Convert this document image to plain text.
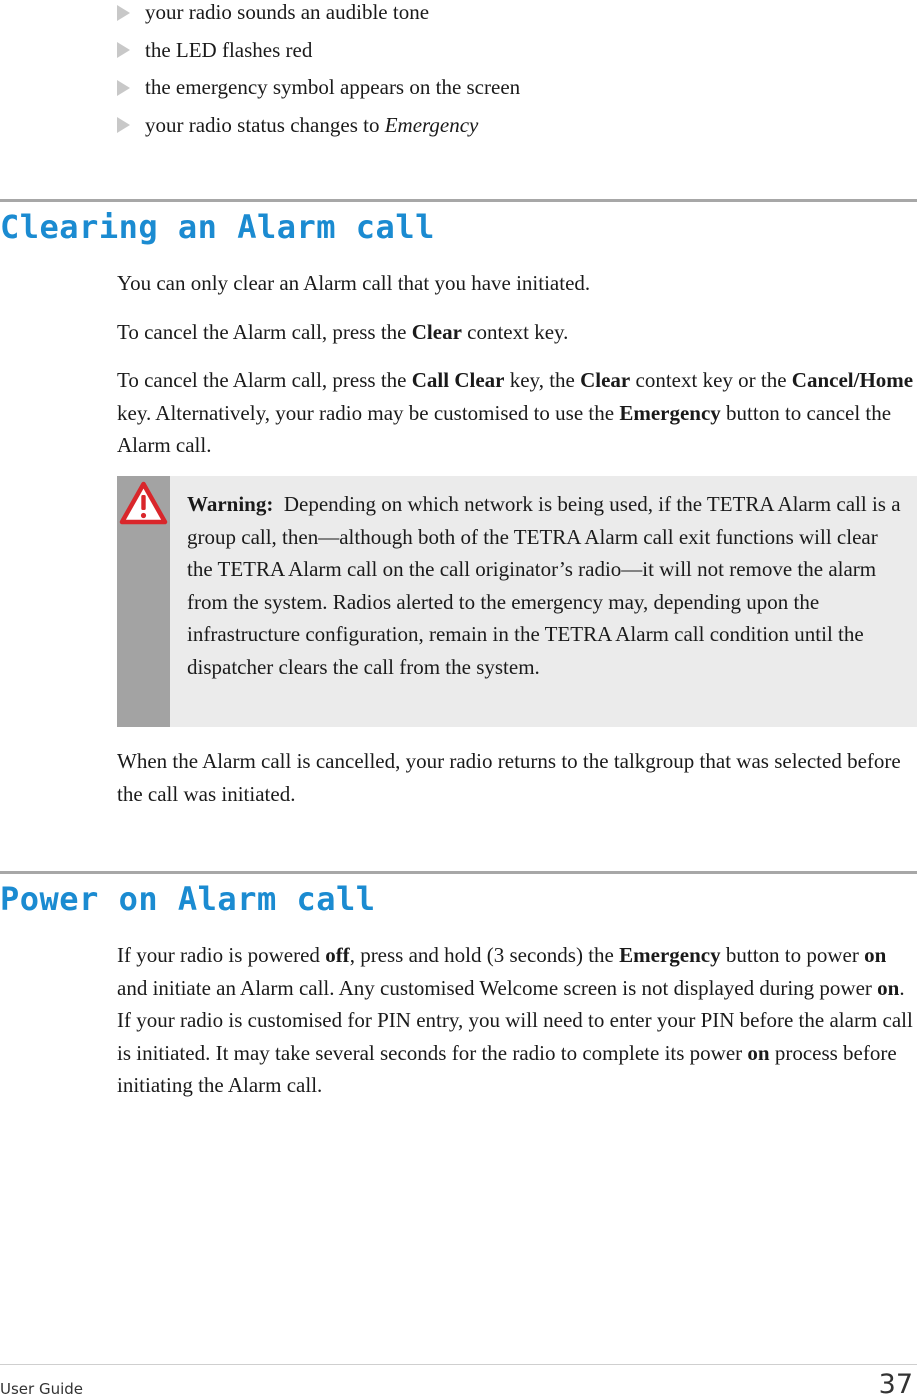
your radio sounds an audible tone
the LED flashes red
the emergency symbol appears on the screen
your radio status changes to Emergency
Clearing an Alarm call
You can only clear an Alarm call that you have initiated.
To cancel the Alarm call, press the Clear context key.
To cancel the Alarm call, press the Call Clear key, the Clear context key or the Cancel/Home key. Alternatively, your radio may be customised to use the Emergency button to cancel the Alarm call.
Warning:  Depending on which network is being used, if the TETRA Alarm call is a group call, then—although both of the TETRA Alarm call exit functions will clear the TETRA Alarm call on the call originator’s radio—it will not remove the alarm from the system. Radios alerted to the emergency may, depending upon the infrastructure configuration, remain in the TETRA Alarm call condition until the dispatcher clears the call from the system.
When the Alarm call is cancelled, your radio returns to the talkgroup that was selected before the call was initiated.
Power on Alarm call
If your radio is powered off, press and hold (3 seconds) the Emergency button to power on and initiate an Alarm call. Any customised Welcome screen is not displayed during power on. If your radio is customised for PIN entry, you will need to enter your PIN before the alarm call is initiated. It may take several seconds for the radio to complete its power on process before initiating the Alarm call.
User Guide	37
